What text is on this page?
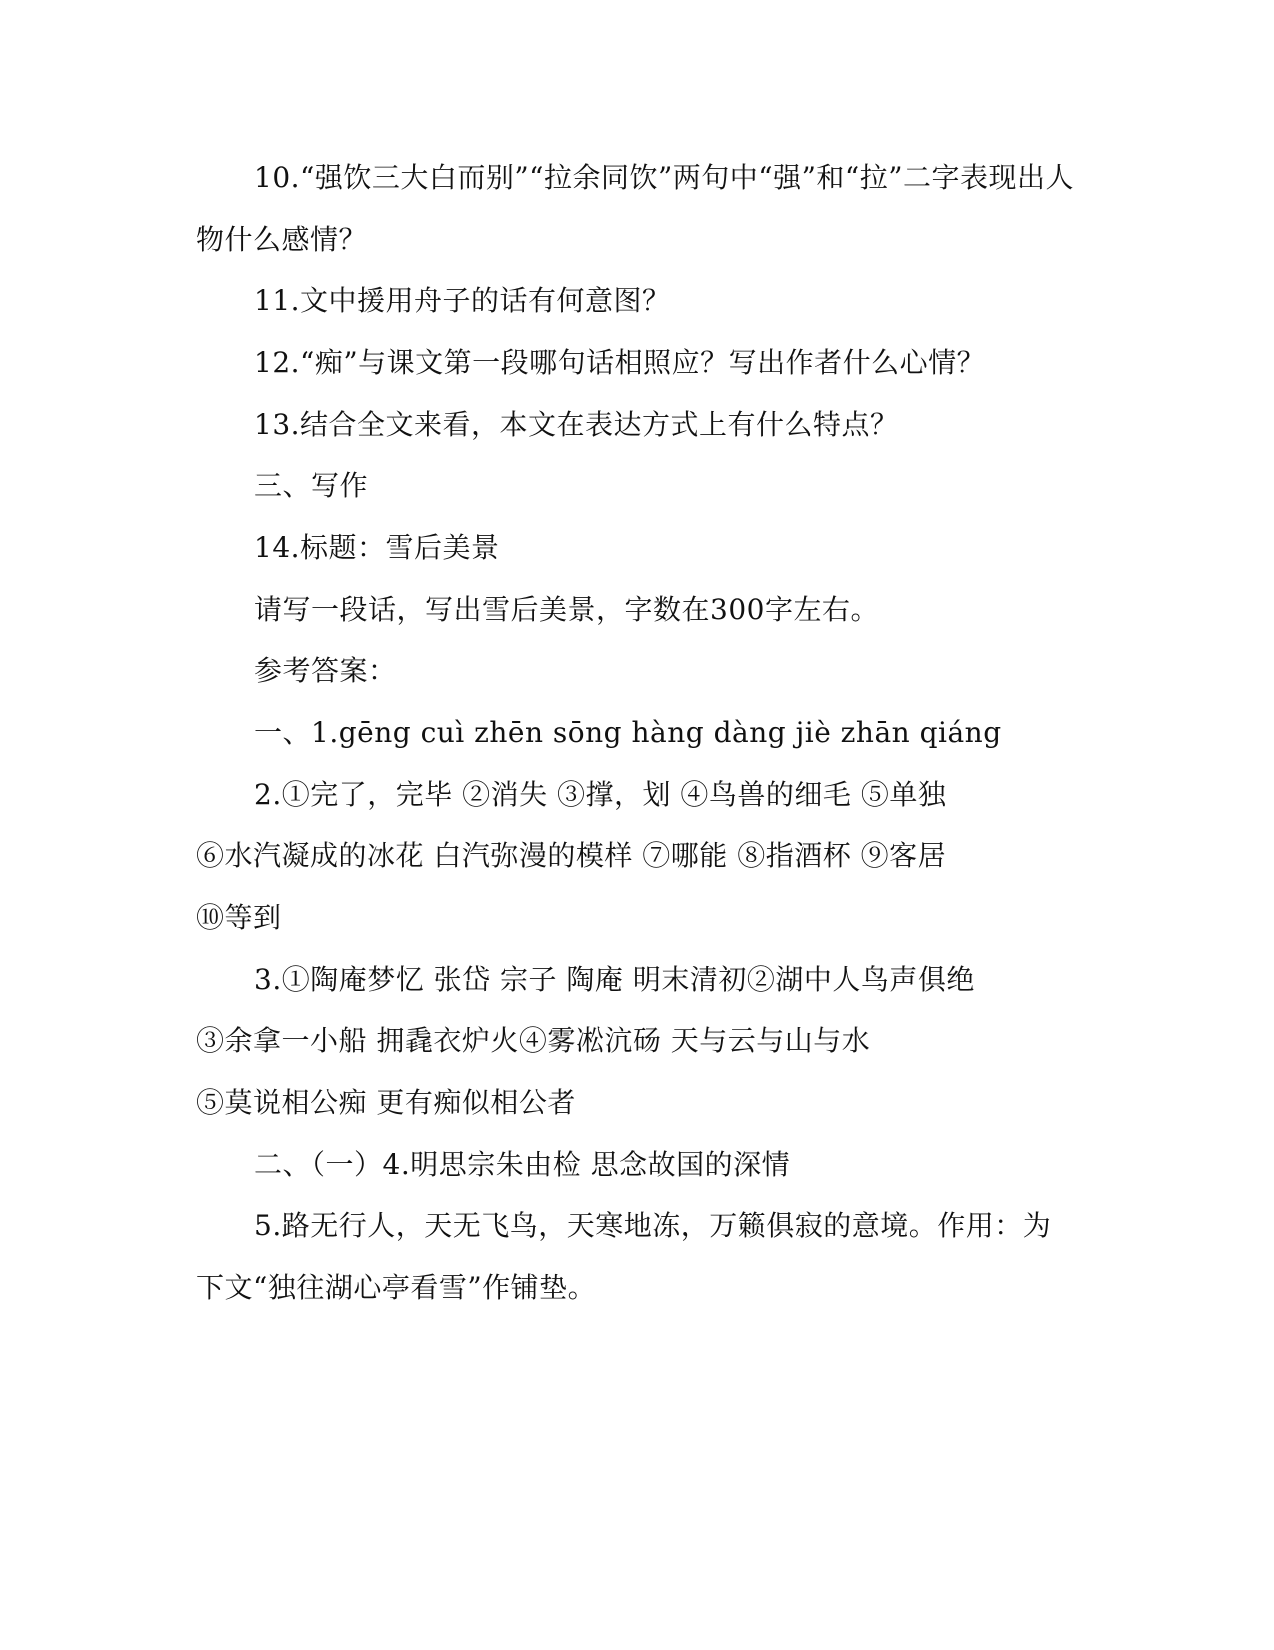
10.“强饮三大白而别”“拉余同饮”两句中“强”和“拉”二字表现出人
物什么感情？
11.文中援用舟子的话有何意图？
12.“痴”与课文第一段哪句话相照应？写出作者什么心情？
13.结合全文来看，本文在表达方式上有什么特点？
三、写作
14.标题：雪后美景
请写一段话，写出雪后美景，字数在300字左右。
参考答案：
一、1.gēng cuì zhēn sōng hàng dàng jiè zhān qiáng
2.①完了，完毕 ②消失 ③撑，划 ④鸟兽的细毛 ⑤单独
⑥水汽凝成的冰花 白汽弥漫的模样 ⑦哪能 ⑧指酒杯 ⑨客居
⑩等到
3.①陶庵梦忆 张岱 宗子 陶庵 明末清初②湖中人鸟声俱绝
③余拿一小船 拥毳衣炉火④雾凇沆砀 天与云与山与水
⑤莫说相公痴 更有痴似相公者
二、（一）4.明思宗朱由检 思念故国的深情
5.路无行人，天无飞鸟，天寒地冻，万籁俱寂的意境。作用：为
下文“独往湖心亭看雪”作铺垫。
